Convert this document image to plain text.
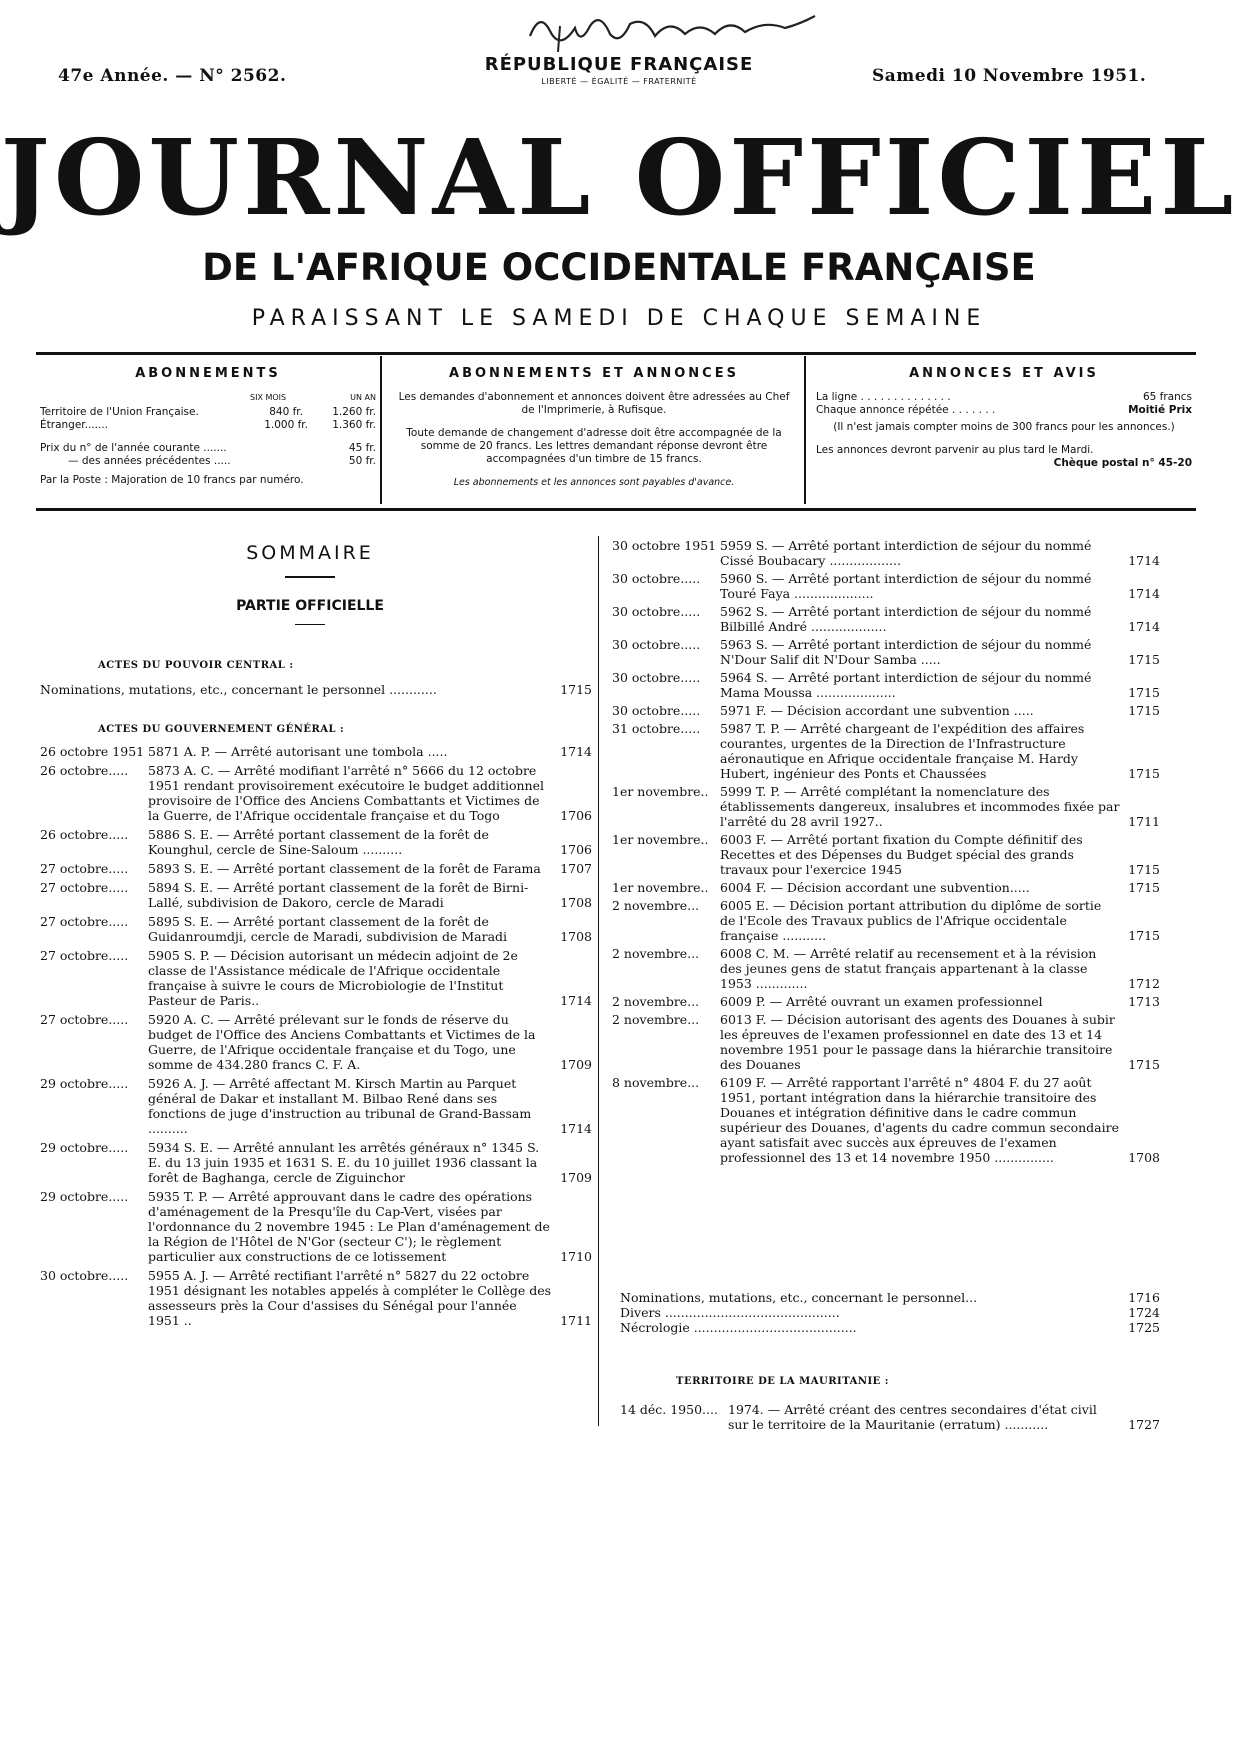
47e Année. — N° 2562.
RÉPUBLIQUE FRANÇAISE
LIBERTÉ — ÉGALITÉ — FRATERNITÉ	Samedi 10 Novembre 1951.
JOURNAL OFFICIEL
DE L'AFRIQUE OCCIDENTALE FRANÇAISE
PARAISSANT LE SAMEDI DE CHAQUE SEMAINE
ABONNEMENTS
SIX MOIS	UN AN
Territoire de l'Union Française.	840 fr.	1.260 fr.
Étranger.......	1.000 fr. 1.360 fr.
Prix du n° de l'année courante .......	45 fr.
— des années précédentes .....	50 fr.
Par la Poste : Majoration de 10 francs par numéro.
ABONNEMENTS ET ANNONCES
Les demandes d'abonnement et annonces doivent être adressées au Chef de l'Imprimerie, à Rufisque.
Toute demande de changement d'adresse doit être accompagnée de la somme de 20 francs. Les lettres demandant réponse devront être accompagnées d'un timbre de 15 francs.
Les abonnements et les annonces sont payables d'avance.
ANNONCES ET AVIS
La ligne . . . . . . . . . . . . . .	65 francs
Chaque annonce répétée . . . . . . .	Moitié Prix
(Il n'est jamais compter moins de 300 francs pour les annonces.)
Les annonces devront parvenir au plus tard le Mardi.
Chèque postal n° 45-20
SOMMAIRE
PARTIE OFFICIELLE
ACTES DU POUVOIR CENTRAL :
Nominations, mutations, etc., concernant le personnel ............	1715
ACTES DU GOUVERNEMENT GÉNÉRAL :
26 octobre 1951 5871 A. P. — Arrêté autorisant une tombola .....	1714
26 octobre.....	5873 A. C. — Arrêté modifiant l'arrêté n° 5666 du 12 octobre 1951 rendant provisoirement exécutoire le budget additionnel provisoire de l'Office des Anciens Combattants et Victimes de la Guerre, de l'Afrique occidentale française et du Togo	1706
26 octobre.....	5886 S. E. — Arrêté portant classement de la forêt de Kounghul, cercle de Sine-Saloum ..........	1706
27 octobre.....	5893 S. E. — Arrêté portant classement de la forêt de Farama	1707
27 octobre.....	5894 S. E. — Arrêté portant classement de la forêt de Birni-Lallé, subdivision de Dakoro, cercle de Maradi	1708
27 octobre.....	5895 S. E. — Arrêté portant classement de la forêt de Guidanroumdji, cercle de Maradi, subdivision de Maradi	1708
27 octobre.....	5905 S. P. — Décision autorisant un médecin adjoint de 2e classe de l'Assistance médicale de l'Afrique occidentale française à suivre le cours de Microbiologie de l'Institut Pasteur de Paris..	1714
27 octobre.....	5920 A. C. — Arrêté prélevant sur le fonds de réserve du budget de l'Office des Anciens Combattants et Victimes de la Guerre, de l'Afrique occidentale française et du Togo, une somme de 434.280 francs C. F. A.	1709
29 octobre.....	5926 A. J. — Arrêté affectant M. Kirsch Martin au Parquet général de Dakar et installant M. Bilbao René dans ses fonctions de juge d'instruction au tribunal de Grand-Bassam ..........	1714
29 octobre.....	5934 S. E. — Arrêté annulant les arrêtés généraux n° 1345 S. E. du 13 juin 1935 et 1631 S. E. du 10 juillet 1936 classant la forêt de Baghanga, cercle de Ziguinchor	1709
29 octobre.....	5935 T. P. — Arrêté approuvant dans le cadre des opérations d'aménagement de la Presqu'île du Cap-Vert, visées par l'ordonnance du 2 novembre 1945 : Le Plan d'aménagement de la Région de l'Hôtel de N'Gor (secteur C'); le règlement particulier aux constructions de ce lotissement	1710
30 octobre.....	5955 A. J. — Arrêté rectifiant l'arrêté n° 5827 du 22 octobre 1951 désignant les notables appelés à compléter le Collège des assesseurs près la Cour d'assises du Sénégal pour l'année 1951 ..	1711
30 octobre 1951 5959 S. — Arrêté portant interdiction de séjour du nommé Cissé Boubacary ..................	1714
30 octobre.....	5960 S. — Arrêté portant interdiction de séjour du nommé Touré Faya ....................	1714
30 octobre.....	5962 S. — Arrêté portant interdiction de séjour du nommé Bilbillé André ...................	1714
30 octobre.....	5963 S. — Arrêté portant interdiction de séjour du nommé N'Dour Salif dit N'Dour Samba .....	1715
30 octobre.....	5964 S. — Arrêté portant interdiction de séjour du nommé Mama Moussa ....................	1715
30 octobre.....	5971 F. — Décision accordant une subvention .....	1715
31 octobre.....	5987 T. P. — Arrêté chargeant de l'expédition des affaires courantes, urgentes de la Direction de l'Infrastructure aéronautique en Afrique occidentale française M. Hardy Hubert, ingénieur des Ponts et Chaussées	1715
1er novembre.. 5999 T. P. — Arrêté complétant la nomenclature des établissements dangereux, insalubres et incommodes fixée par l'arrêté du 28 avril 1927..	1711
1er novembre.. 6003 F. — Arrêté portant fixation du Compte définitif des Recettes et des Dépenses du Budget spécial des grands travaux pour l'exercice 1945	1715
1er novembre.. 6004 F. — Décision accordant une subvention.....	1715
2 novembre...	6005 E. — Décision portant attribution du diplôme de sortie de l'Ecole des Travaux publics de l'Afrique occidentale française ...........	1715
2 novembre...	6008 C. M. — Arrêté relatif au recensement et à la révision des jeunes gens de statut français appartenant à la classe 1953 .............	1712
2 novembre...	6009 P. — Arrêté ouvrant un examen professionnel	1713
2 novembre...	6013 F. — Décision autorisant des agents des Douanes à subir les épreuves de l'examen professionnel en date des 13 et 14 novembre 1951 pour le passage dans la hiérarchie transitoire des Douanes	1715
8 novembre...	6109 F. — Arrêté rapportant l'arrêté n° 4804 F. du 27 août 1951, portant intégration dans la hiérarchie transitoire des Douanes et intégration définitive dans le cadre commun supérieur des Douanes, d'agents du cadre commun secondaire ayant satisfait avec succès aux épreuves de l'examen professionnel des 13 et 14 novembre 1950 ...............	1708
Nominations, mutations, etc., concernant le personnel...	1716
Divers ............................................	1724
Nécrologie .........................................	1725
TERRITOIRE DE LA MAURITANIE :
14 déc. 1950.... 1974. — Arrêté créant des centres secondaires d'état civil sur le territoire de la Mauritanie (erratum) ...........	1727
